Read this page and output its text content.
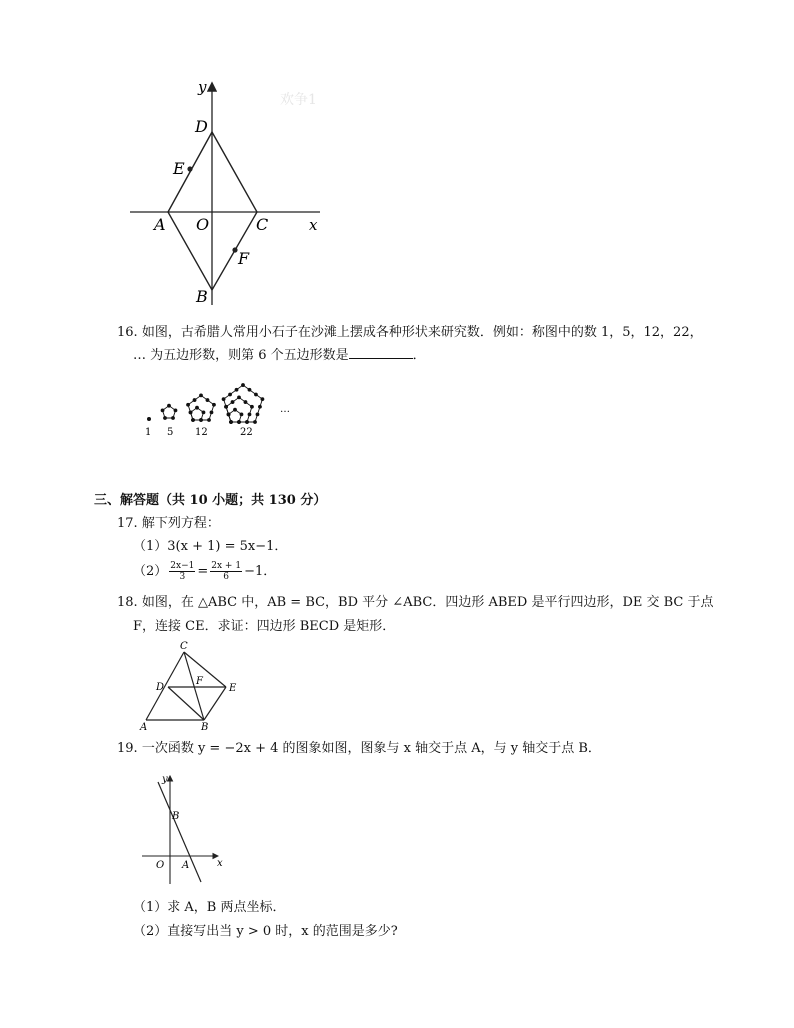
欢争1
y
D
E
A O	C	x
F
B
16. 如图，古希腊人常用小石子在沙滩上摆成各种形状来研究数．例如：称图中的数 1，5，12，22，
… 为五边形数，则第 6 个五边形数是	．
1 5 12	22
…
三、解答题（共 10 小题；共 130 分）
17. 解下列方程：
（1）3(x + 1) = 5x−1．
$(2) \frac{2x-1}{3} = \frac{2x + 1}{6} -1$．
18. 如图，在 △ABC 中，AB = BC，BD 平分 ∠ABC．四边形 ABED 是平行四边形，DE 交 BC 于点
F，连接 CE．求证：四边形 BECD 是矩形．
C
D
F
E
A	B
19. 一次函数 y = −2x + 4 的图象如图，图象与 x 轴交于点 A，与 y 轴交于点 B．
y
B
O A	x
（1）求 A，B 两点坐标．
（2）直接写出当 y > 0 时，x 的范围是多少?
